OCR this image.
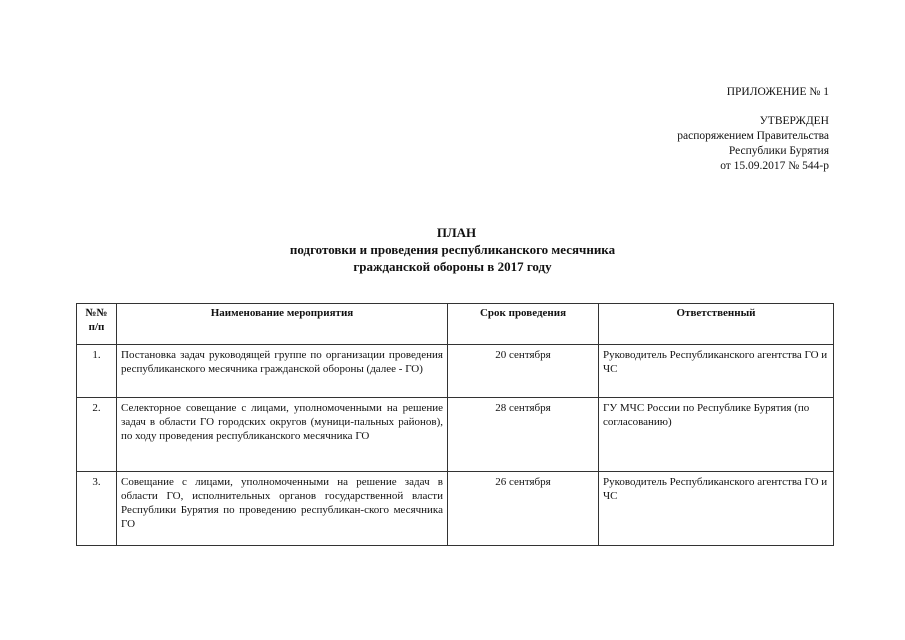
ПРИЛОЖЕНИЕ № 1
УТВЕРЖДЕН
распоряжением Правительства
Республики Бурятия
от 15.09.2017 № 544-р
ПЛАН
подготовки и проведения республиканского месячника
гражданской обороны в 2017 году
№№
п/п	Наименование мероприятия	Срок проведения	Ответственный
1.	Постановка задач руководящей группе по организации проведения республиканского месячника гражданской обороны (далее - ГО)	20 сентября	Руководитель Республиканского агентства ГО и ЧС
2.	Селекторное совещание с лицами, уполномоченными на решение задач в области ГО городских округов (муници-пальных районов), по ходу проведения республиканского месячника ГО	28 сентября	ГУ МЧС России по Республике Бурятия (по согласованию)
3.	Совещание с лицами, уполномоченными на решение задач в области ГО, исполнительных органов государственной власти Республики Бурятия по проведению республикан-ского месячника ГО	26 сентября	Руководитель Республиканского агентства ГО и ЧС
